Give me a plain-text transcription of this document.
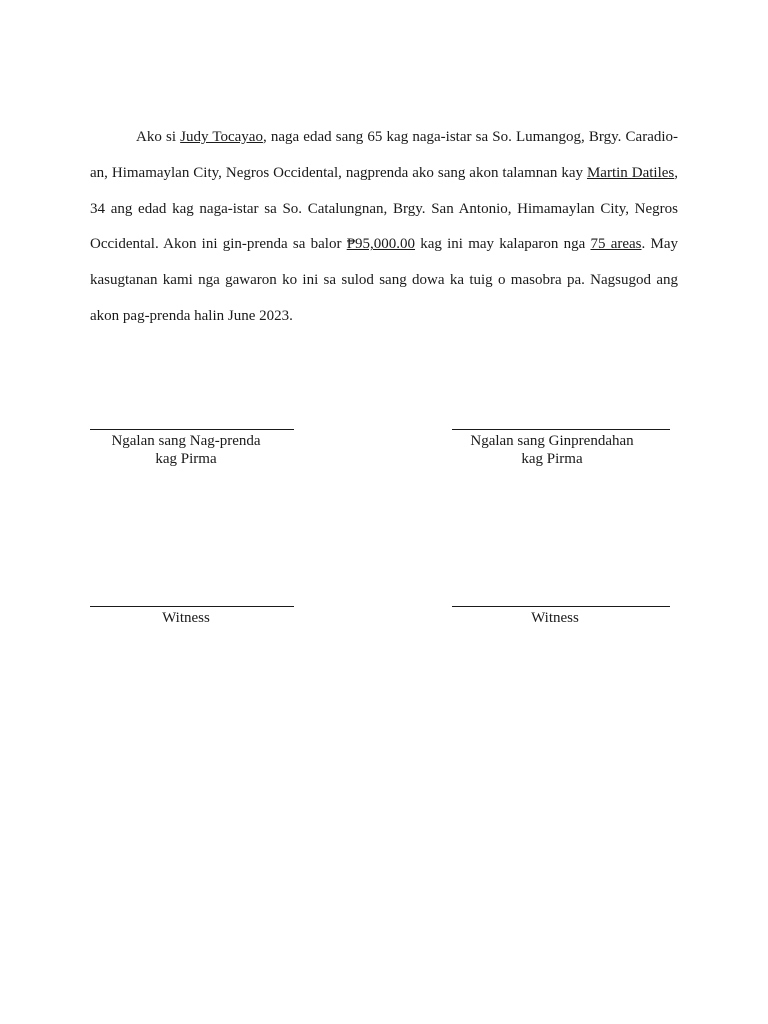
Ako si Judy Tocayao, naga edad sang 65 kag naga-istar sa So. Lumangog, Brgy. Caradio-an, Himamaylan City, Negros Occidental, nagprenda ako sang akon talamnan kay Martin Datiles, 34 ang edad kag naga-istar sa So. Catalungnan, Brgy. San Antonio, Himamaylan City, Negros Occidental. Akon ini gin-prenda sa balor ₱95,000.00 kag ini may kalaparon nga 75 areas. May kasugtanan kami nga gawaron ko ini sa sulod sang dowa ka tuig o masobra pa. Nagsugod ang akon pag-prenda halin June 2023.

Ngalan sang Nag-prenda
kag Pirma
Ngalan sang Ginprendahan
kag Pirma
Witness	Witness
